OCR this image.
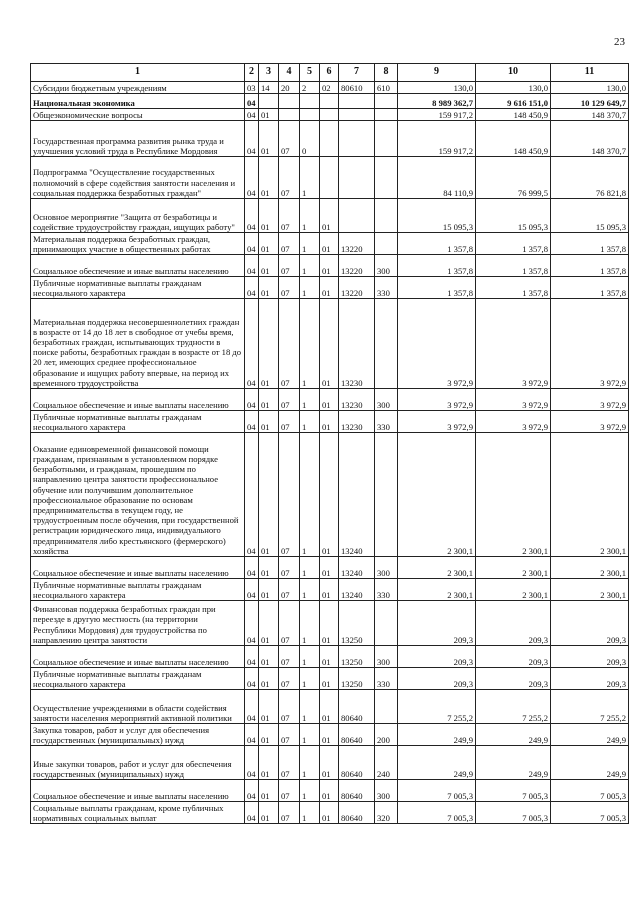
23
1	2	3	4	5	6	7	8	9	10	11
Субсидии бюджетным учреждениям	03	14	20	2	02	80610	610	130,0	130,0	130,0
Национальная экономика	04							8 989 362,7	9 616 151,0	10 129 649,7
Общеэкономические вопросы	04	01						159 917,2	148 450,9	148 370,7
Государственная программа развития рынка труда и улучшения условий труда в Республике Мордовия	04	01	07	0				159 917,2	148 450,9	148 370,7
Подпрограмма "Осуществление государственных полномочий в сфере содействия занятости населения и социальная поддержка безработных граждан"	04	01	07	1				84 110,9	76 999,5	76 821,8
Основное мероприятие "Защита от безработицы и содействие трудоустройству граждан, ищущих работу"	04	01	07	1	01			15 095,3	15 095,3	15 095,3
Материальная поддержка безработных граждан, принимающих участие в общественных работах	04	01	07	1	01	13220		1 357,8	1 357,8	1 357,8
Социальное обеспечение и иные выплаты населению	04	01	07	1	01	13220	300	1 357,8	1 357,8	1 357,8
Публичные нормативные выплаты гражданам несоциального характера	04	01	07	1	01	13220	330	1 357,8	1 357,8	1 357,8
Материальная поддержка несовершеннолетних граждан в возрасте от 14 до 18 лет в свободное от учебы время, безработных граждан, испытывающих трудности в поиске работы, безработных граждан в возрасте от 18 до 20 лет, имеющих среднее профессиональное образование и ищущих работу впервые, на период их временного трудоустройства	04	01	07	1	01	13230		3 972,9	3 972,9	3 972,9
Социальное обеспечение и иные выплаты населению	04	01	07	1	01	13230	300	3 972,9	3 972,9	3 972,9
Публичные нормативные выплаты гражданам несоциального характера	04	01	07	1	01	13230	330	3 972,9	3 972,9	3 972,9
Оказание единовременной финансовой помощи гражданам, признанным в установленном порядке безработными, и гражданам, прошедшим по направлению центра занятости профессиональное обучение или получившим дополнительное профессиональное образование по основам предпринимательства в текущем году, не трудоустроенным после обучения, при государственной регистрации юридического лица, индивидуального предпринимателя либо крестьянского (фермерского) хозяйства	04	01	07	1	01	13240		2 300,1	2 300,1	2 300,1
Социальное обеспечение и иные выплаты населению	04	01	07	1	01	13240	300	2 300,1	2 300,1	2 300,1
Публичные нормативные выплаты гражданам несоциального характера	04	01	07	1	01	13240	330	2 300,1	2 300,1	2 300,1
Финансовая поддержка безработных граждан при переезде в другую местность (на территории Республики Мордовия) для трудоустройства по направлению центра занятости	04	01	07	1	01	13250		209,3	209,3	209,3
Социальное обеспечение и иные выплаты населению	04	01	07	1	01	13250	300	209,3	209,3	209,3
Публичные нормативные выплаты гражданам несоциального характера	04	01	07	1	01	13250	330	209,3	209,3	209,3
Осуществление учреждениями в области содействия занятости населения мероприятий активной политики	04	01	07	1	01	80640		7 255,2	7 255,2	7 255,2
Закупка товаров, работ и услуг для обеспечения государственных (муниципальных) нужд	04	01	07	1	01	80640	200	249,9	249,9	249,9
Иные закупки товаров, работ и услуг для обеспечения государственных (муниципальных) нужд	04	01	07	1	01	80640	240	249,9	249,9	249,9
Социальное обеспечение и иные выплаты населению	04	01	07	1	01	80640	300	7 005,3	7 005,3	7 005,3
Социальные выплаты гражданам, кроме публичных нормативных социальных выплат	04	01	07	1	01	80640	320	7 005,3	7 005,3	7 005,3
